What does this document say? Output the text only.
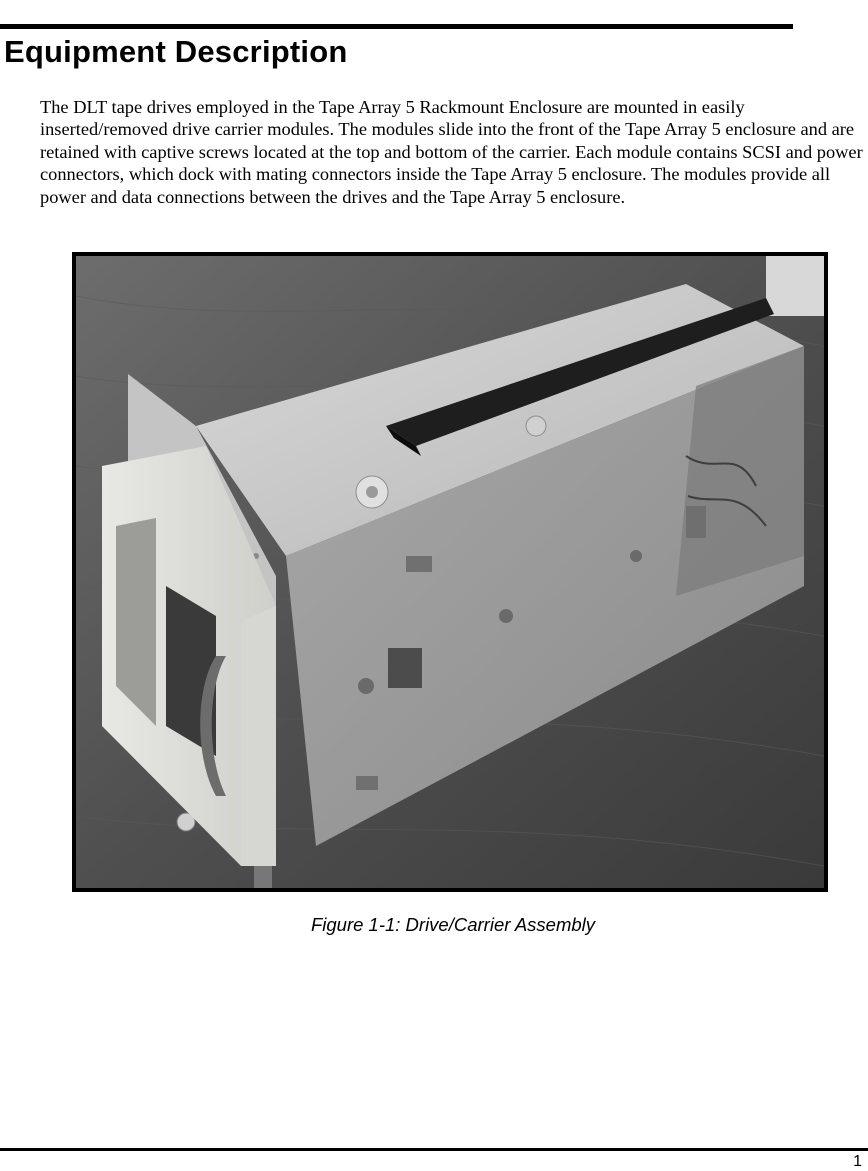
Equipment Description

The DLT tape drives employed in the Tape Array 5 Rackmount Enclosure are mounted in easily inserted/removed drive carrier modules. The modules slide into the front of the Tape Array 5 enclosure and are retained with captive screws located at the top and bottom of the carrier. Each module contains SCSI and power connectors, which dock with mating connectors inside the Tape Array 5 enclosure. The modules provide all power and data connections between the drives and the Tape Array 5 enclosure.

Figure 1-1: Drive/Carrier Assembly

1
